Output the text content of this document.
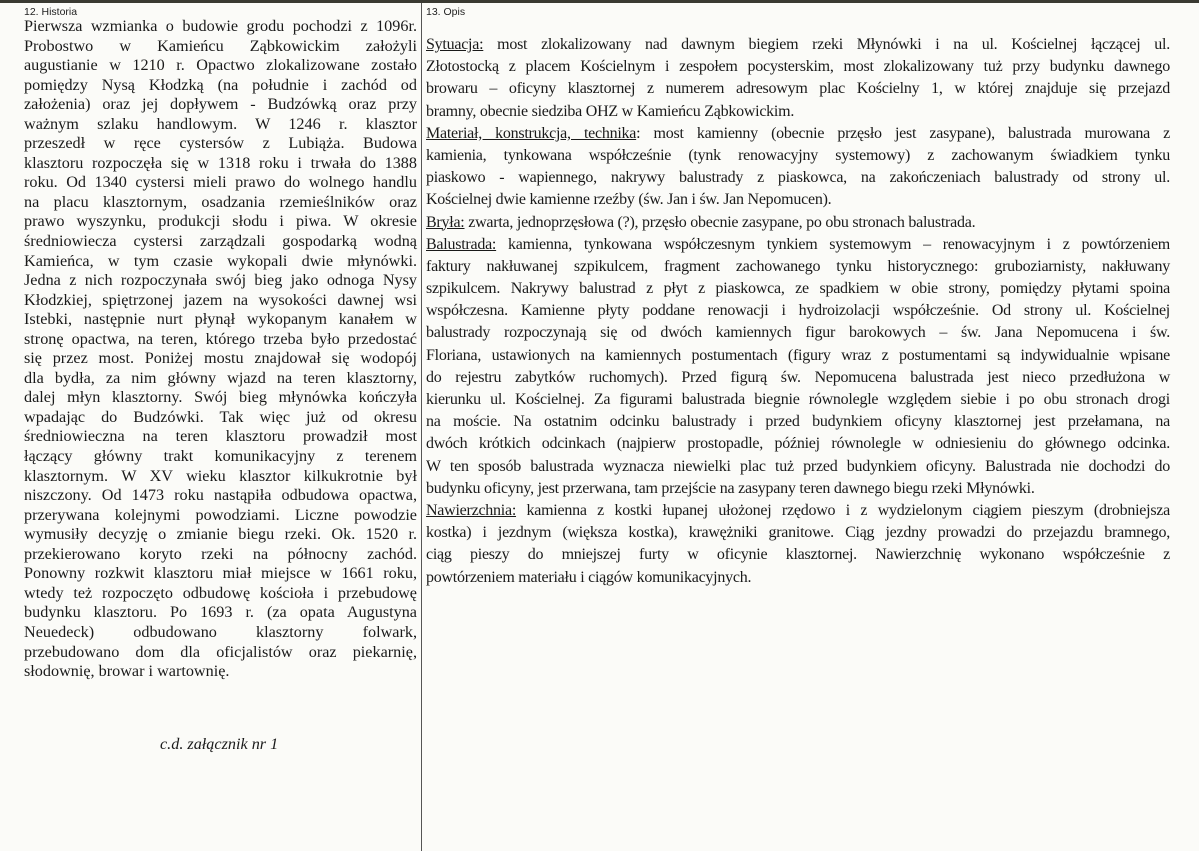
12. Historia
Pierwsza wzmianka o budowie grodu pochodzi z 1096r.
Probostwo w Kamieńcu Ząbkowickim założyli
augustianie w 1210 r. Opactwo zlokalizowane zostało
pomiędzy Nysą Kłodzką (na południe i zachód od
założenia) oraz jej dopływem - Budzówką oraz przy
ważnym szlaku handlowym. W 1246 r. klasztor
przeszedł w ręce cystersów z Lubiąża. Budowa
klasztoru rozpoczęła się w 1318 roku i trwała do 1388
roku. Od 1340 cystersi mieli prawo do wolnego handlu
na placu klasztornym, osadzania rzemieślników oraz
prawo wyszynku, produkcji słodu i piwa. W okresie
średniowiecza cystersi zarządzali gospodarką wodną
Kamieńca, w tym czasie wykopali dwie młynówki.
Jedna z nich rozpoczynała swój bieg jako odnoga Nysy
Kłodzkiej, spiętrzonej jazem na wysokości dawnej wsi
Istebki, następnie nurt płynął wykopanym kanałem w
stronę opactwa, na teren, którego trzeba było przedostać
się przez most. Poniżej mostu znajdował się wodopój
dla bydła, za nim główny wjazd na teren klasztorny,
dalej młyn klasztorny. Swój bieg młynówka kończyła
wpadając do Budzówki. Tak więc już od okresu
średniowieczna na teren klasztoru prowadził most
łączący główny trakt komunikacyjny z terenem
klasztornym. W XV wieku klasztor kilkukrotnie był
niszczony. Od 1473 roku nastąpiła odbudowa opactwa,
przerywana kolejnymi powodziami. Liczne powodzie
wymusiły decyzję o zmianie biegu rzeki. Ok. 1520 r.
przekierowano koryto rzeki na północny zachód.
Ponowny rozkwit klasztoru miał miejsce w 1661 roku,
wtedy też rozpoczęto odbudowę kościoła i przebudowę
budynku klasztoru. Po 1693 r. (za opata Augustyna
Neuedeck) odbudowano klasztorny folwark,
przebudowano dom dla oficjalistów oraz piekarnię,
słodownię, browar i wartownię.
c.d. załącznik nr 1
13. Opis
Sytuacja: most zlokalizowany nad dawnym biegiem rzeki Młynówki i na ul. Kościelnej łączącej ul.
Złotostocką z placem Kościelnym i zespołem pocysterskim, most zlokalizowany tuż przy budynku dawnego
browaru – oficyny klasztornej z numerem adresowym plac Kościelny 1, w której znajduje się przejazd
bramny, obecnie siedziba OHZ w Kamieńcu Ząbkowickim.
Materiał, konstrukcja, technika: most kamienny (obecnie przęsło jest zasypane), balustrada murowana z
kamienia, tynkowana współcześnie (tynk renowacyjny systemowy) z zachowanym świadkiem tynku
piaskowo - wapiennego, nakrywy balustrady z piaskowca, na zakończeniach balustrady od strony ul.
Kościelnej dwie kamienne rzeźby (św. Jan i św. Jan Nepomucen).
Bryła: zwarta, jednoprzęsłowa (?), przęsło obecnie zasypane, po obu stronach balustrada.
Balustrada: kamienna, tynkowana współczesnym tynkiem systemowym – renowacyjnym i z powtórzeniem
faktury nakłuwanej szpikulcem, fragment zachowanego tynku historycznego: gruboziarnisty, nakłuwany
szpikulcem. Nakrywy balustrad z płyt z piaskowca, ze spadkiem w obie strony, pomiędzy płytami spoina
współczesna. Kamienne płyty poddane renowacji i hydroizolacji współcześnie. Od strony ul. Kościelnej
balustrady rozpoczynają się od dwóch kamiennych figur barokowych – św. Jana Nepomucena i św.
Floriana, ustawionych na kamiennych postumentach (figury wraz z postumentami są indywidualnie wpisane
do rejestru zabytków ruchomych). Przed figurą św. Nepomucena balustrada jest nieco przedłużona w
kierunku ul. Kościelnej. Za figurami balustrada biegnie równolegle względem siebie i po obu stronach drogi
na moście. Na ostatnim odcinku balustrady i przed budynkiem oficyny klasztornej jest przełamana, na
dwóch krótkich odcinkach (najpierw prostopadle, później równolegle w odniesieniu do głównego odcinka.
W ten sposób balustrada wyznacza niewielki plac tuż przed budynkiem oficyny. Balustrada nie dochodzi do
budynku oficyny, jest przerwana, tam przejście na zasypany teren dawnego biegu rzeki Młynówki.
Nawierzchnia: kamienna z kostki łupanej ułożonej rzędowo i z wydzielonym ciągiem pieszym (drobniejsza
kostka) i jezdnym (większa kostka), krawężniki granitowe. Ciąg jezdny prowadzi do przejazdu bramnego,
ciąg pieszy do mniejszej furty w oficynie klasztornej. Nawierzchnię wykonano współcześnie z
powtórzeniem materiału i ciągów komunikacyjnych.
